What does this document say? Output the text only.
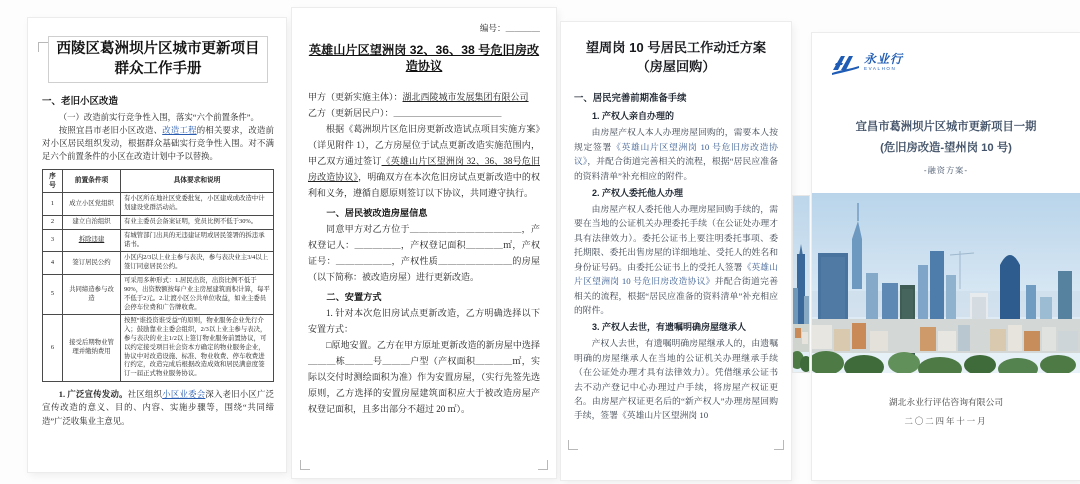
西陵区葛洲坝片区城市更新项目
群众工作手册
一、老旧小区改造

（一）改造前实行竞争性入围，落实“六个前置条件”。

按照宜昌市老旧小区改造、改造工程的相关要求，改造前对小区居民组织发动，根据群众基础实行竞争性入围。对不满足六个前置条件的小区在改造计划中予以替换。

序号	前置条件项	具体要求和说明
1	成立小区党组织	有小区所在地社区党委批复，小区建成或改造中计划建设党群活动站。
2	建立自治组织	有业主委员会备案证明，党员比例不低于30%。
3	拆除违建	有城管部门出具的无违建证明或居民签署的拆违承诺书。
4	签订居民公约	小区内2/3以上业主参与表决，参与表决业主3/4以上签订同意居民公约。
5	共同缔造参与改造	可采用多种形式：1.居民出资，出资比例不低于90%，出资数额按每户业主房屋建筑面积计算，每平不低于2元。2.让渡小区公共单位收益，如业主委员会停车位费和广告牌收费。
6	接受后期物业管理并缴纳费用	按照“谁投资谁受益”的原则，物业服务企业先行介入；鼓励靠业主委会组织，2/3以上业主参与表决，参与表决的业主1/2以上签订物业服务前置协议，可以约定接受项目社会资本方确定的物业服务企业，协议中对改造设施、标准、物业收费、停车收费进行约定，改造完成后根据改造成效和居民满意度签订一届正式物业服务协议。

1. 广泛宣传发动。社区组织小区业委会深入老旧小区广泛宣传改造的意义、目的、内容、实施步骤等，围绕“共同缔造”广泛收集业主意见。

编号：＿＿＿＿
英雄山片区望洲岗 32、36、38 号危旧房改造协议

甲方（更新实施主体）：湖北西陵城市发展集团有限公司

乙方（更新居民户）：＿＿＿＿＿＿＿＿＿＿＿＿

根据《葛洲坝片区危旧房更新改造试点项目实施方案》（详见附件 1），乙方房屋位于试点更新改造实施范围内，甲乙双方通过签订《英雄山片区望洲岗 32、36、38号危旧房改造协议》，明确双方在本次危旧房试点更新改造中的权利和义务，遵循自愿原则签订以下协议，共同遵守执行。

一、居民被改造房屋信息

同意甲方对乙方位于＿＿＿＿＿＿＿＿＿＿＿＿，产权登记人：＿＿＿＿＿，产权登记面积＿＿＿＿㎡，产权证号：＿＿＿＿＿＿，产权性质＿＿＿＿＿＿＿＿的房屋（以下简称：被改造房屋）进行更新改造。

二、安置方式

1. 针对本次危旧房试点更新改造，乙方明确选择以下安置方式：

□原地安置。乙方在甲方原址更新改造的新房屋中选择＿＿＿栋＿＿＿号＿＿＿户型（产权面积＿＿＿＿㎡，实际以交付时测绘面积为准）作为安置房屋，（实行先签先选原则，乙方选择的安置房屋建筑面积应大于被改造房屋产权登记面积，且多出部分不超过 20 ㎡）。

望周岗 10 号居民工作动迁方案
（房屋回购）
一、居民完善前期准备手续
1. 产权人亲自办理的

由房屋产权人本人办理房屋回购的，需要本人按规定签署《英雄山片区望洲岗 10 号危旧房改造协议》，并配合街道完善相关的流程，根据“居民应准备的资料清单”补充相应的附件。

2. 产权人委托他人办理

由房屋产权人委托他人办理房屋回购手续的，需要在当地的公证机关办理委托手续（在公证处办理才具有法律效力）。委托公证书上要注明委托事项、委托期限、委托出售房屋的详细地址、受托人的姓名和身份证号码。由委托公证书上的受托人签署《英雄山片区望洲岗 10 号危旧房改造协议》并配合街道完善相关的流程，根据“居民应准备的资料清单”补充相应的附件。

3. 产权人去世，有遗嘱明确房屋继承人

产权人去世，有遗嘱明确房屋继承人的，由遗嘱明确的房屋继承人在当地的公证机关办理继承手续（在公证处办理才具有法律效力）。凭借继承公证书去不动产登记中心办理过户手续，将房屋产权证更名。由房屋产权证更名后的“新产权人”办理房屋回购手续，签署《英雄山片区望洲岗 10

永业行
EVALHON
宜昌市葛洲坝片区城市更新项目一期
(危旧房改造-望州岗 10 号)
-融资方案-
湖北永业行评估咨询有限公司
二〇二四年十一月
